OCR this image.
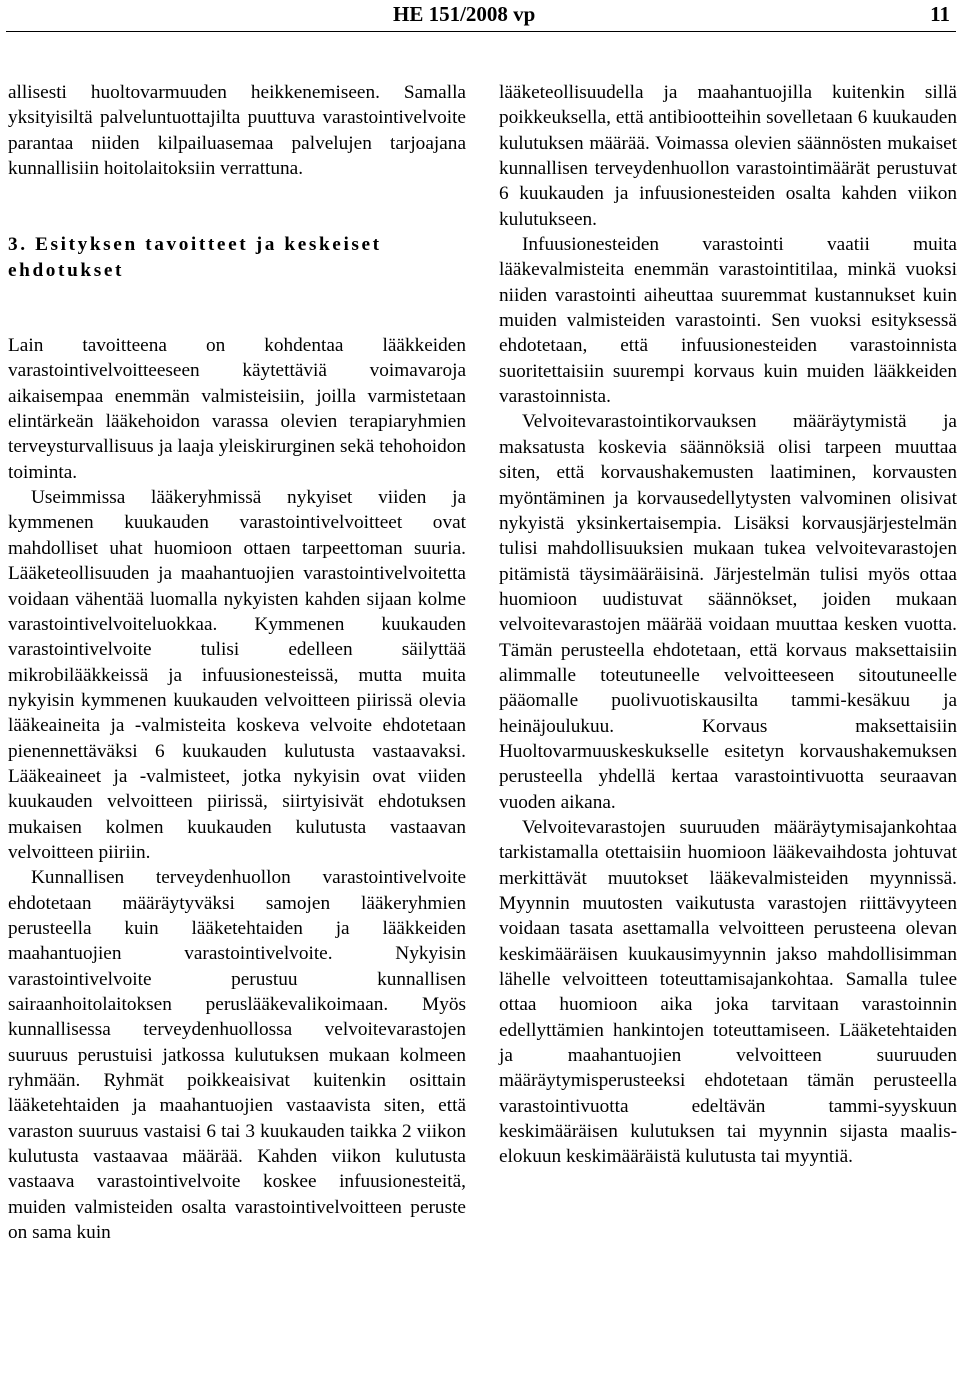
HE 151/2008 vp	11

allisesti huoltovarmuuden heikkenemiseen. Samalla yksityisiltä palveluntuottajilta puuttuva varastointivelvoite parantaa niiden kilpailuasemaa palvelujen tarjoajana kunnallisiin hoitolaitoksiin verrattuna.

3. Esityksen tavoitteet ja keskeiset ehdotukset

Lain tavoitteena on kohdentaa lääkkeiden varastointivelvoitteeseen käytettäviä voimavaroja aikaisempaa enemmän valmisteisiin, joilla varmistetaan elintärkeän lääkehoidon varassa olevien terapiaryhmien terveysturvallisuus ja laaja yleiskirurginen sekä tehohoidon toiminta.

Useimmissa lääkeryhmissä nykyiset viiden ja kymmenen kuukauden varastointivelvoitteet ovat mahdolliset uhat huomioon ottaen tarpeettoman suuria. Lääketeollisuuden ja maahantuojien varastointivelvoitetta voidaan vähentää luomalla nykyisten kahden sijaan kolme varastointivelvoiteluokkaa. Kymmenen kuukauden varastointivelvoite tulisi edelleen säilyttää mikrobilääkkeissä ja infuusionesteissä, mutta muita nykyisin kymmenen kuukauden velvoitteen piirissä olevia lääkeaineita ja -valmisteita koskeva velvoite ehdotetaan pienennettäväksi 6 kuukauden kulutusta vastaavaksi. Lääkeaineet ja -valmisteet, jotka nykyisin ovat viiden kuukauden velvoitteen piirissä, siirtyisivät ehdotuksen mukaisen kolmen kuukauden kulutusta vastaavan velvoitteen piiriin.

Kunnallisen terveydenhuollon varastointivelvoite ehdotetaan määräytyväksi samojen lääkeryhmien perusteella kuin lääketehtaiden ja lääkkeiden maahantuojien varastointivelvoite. Nykyisin varastointivelvoite perustuu kunnallisen sairaanhoitolaitoksen peruslääkevalikoimaan. Myös kunnallisessa terveydenhuollossa velvoitevarastojen suuruus perustuisi jatkossa kulutuksen mukaan kolmeen ryhmään. Ryhmät poikkeaisivat kuitenkin osittain lääketehtaiden ja maahantuojien vastaavista siten, että varaston suuruus vastaisi 6 tai 3 kuukauden taikka 2 viikon kulutusta vastaavaa määrää. Kahden viikon kulutusta vastaava varastointivelvoite koskee infuusionesteitä, muiden valmisteiden osalta varastointivelvoitteen peruste on sama kuin

lääketeollisuudella ja maahantuojilla kuitenkin sillä poikkeuksella, että antibiootteihin sovelletaan 6 kuukauden kulutuksen määrää. Voimassa olevien säännösten mukaiset kunnallisen terveydenhuollon varastointimäärät perustuvat 6 kuukauden ja infuusionesteiden osalta kahden viikon kulutukseen.

Infuusionesteiden varastointi vaatii muita lääkevalmisteita enemmän varastointitilaa, minkä vuoksi niiden varastointi aiheuttaa suuremmat kustannukset kuin muiden valmisteiden varastointi. Sen vuoksi esityksessä ehdotetaan, että infuusionesteiden varastoinnista suoritettaisiin suurempi korvaus kuin muiden lääkkeiden varastoinnista.

Velvoitevarastointikorvauksen määräytymistä ja maksatusta koskevia säännöksiä olisi tarpeen muuttaa siten, että korvaushakemusten laatiminen, korvausten myöntäminen ja korvausedellytysten valvominen olisivat nykyistä yksinkertaisempia. Lisäksi korvausjärjestelmän tulisi mahdollisuuksien mukaan tukea velvoitevarastojen pitämistä täysimääräisinä. Järjestelmän tulisi myös ottaa huomioon uudistuvat säännökset, joiden mukaan velvoitevarastojen määrää voidaan muuttaa kesken vuotta. Tämän perusteella ehdotetaan, että korvaus maksettaisiin alimmalle toteutuneelle velvoitteeseen sitoutuneelle pääomalle puolivuotiskausilta tammi-kesäkuu ja heinäjoulukuu. Korvaus maksettaisiin Huoltovarmuuskeskukselle esitetyn korvaushakemuksen perusteella yhdellä kertaa varastointivuotta seuraavan vuoden aikana.

Velvoitevarastojen suuruuden määräytymisajankohtaa tarkistamalla otettaisiin huomioon lääkevaihdosta johtuvat merkittävät muutokset lääkevalmisteiden myynnissä. Myynnin muutosten vaikutusta varastojen riittävyyteen voidaan tasata asettamalla velvoitteen perusteena olevan keskimääräisen kuukausimyynnin jakso mahdollisimman lähelle velvoitteen toteuttamisajankohtaa. Samalla tulee ottaa huomioon aika joka tarvitaan varastoinnin edellyttämien hankintojen toteuttamiseen. Lääketehtaiden ja maahantuojien velvoitteen suuruuden määräytymisperusteeksi ehdotetaan tämän perusteella varastointivuotta edeltävän tammi-syyskuun keskimääräisen kulutuksen tai myynnin sijasta maalis-elokuun keskimääräistä kulutusta tai myyntiä.
